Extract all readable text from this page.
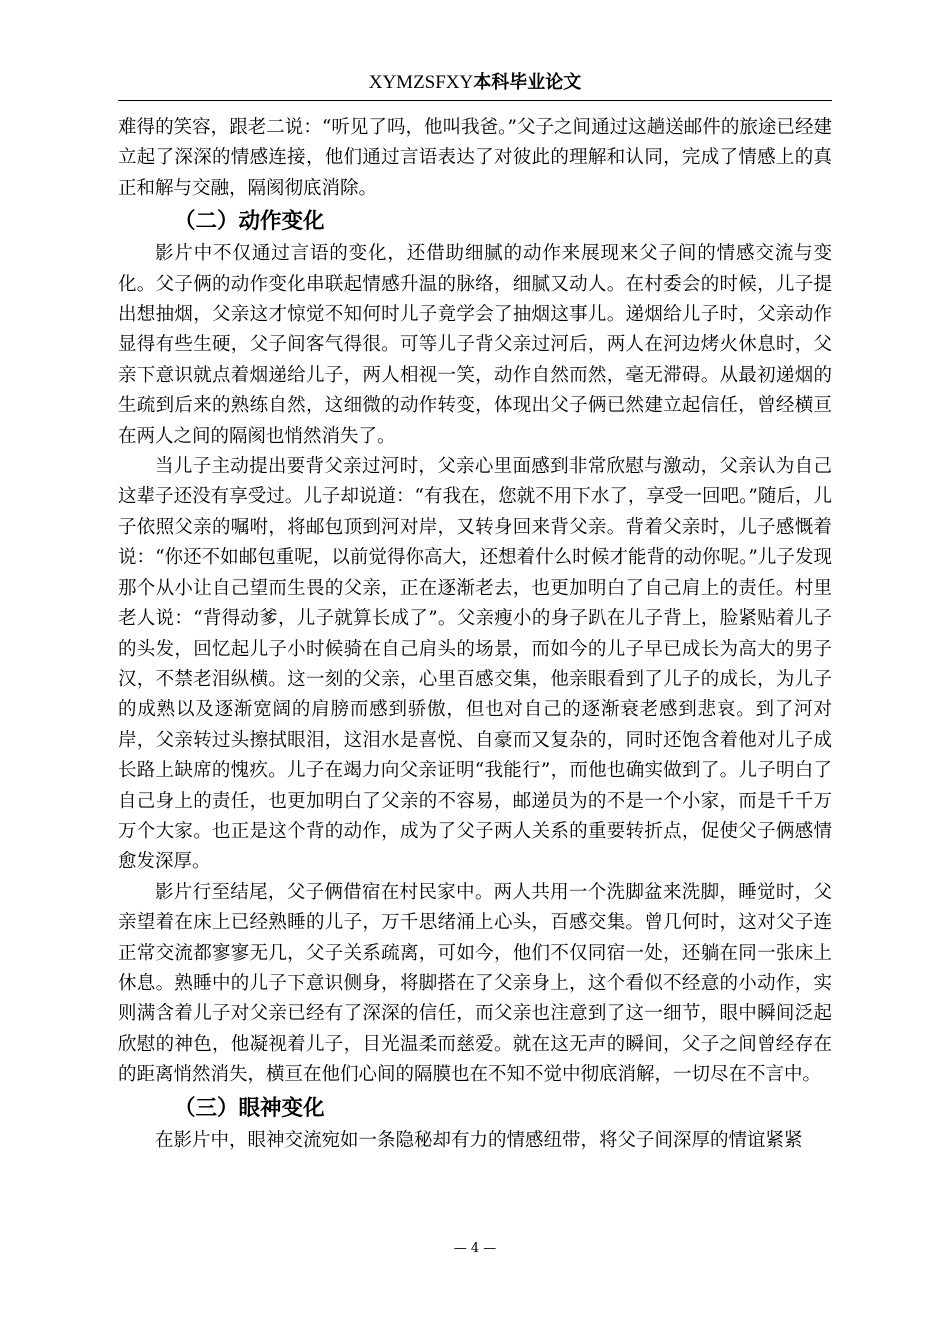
XYMZSFXY本科毕业论文

难得的笑容，跟老二说：“听见了吗，他叫我爸。”父子之间通过这趟送邮件的旅途已经建立起了深深的情感连接，他们通过言语表达了对彼此的理解和认同，完成了情感上的真正和解与交融，隔阂彻底消除。

（二）动作变化

影片中不仅通过言语的变化，还借助细腻的动作来展现来父子间的情感交流与变化。父子俩的动作变化串联起情感升温的脉络，细腻又动人。在村委会的时候，儿子提出想抽烟，父亲这才惊觉不知何时儿子竟学会了抽烟这事儿。递烟给儿子时，父亲动作显得有些生硬，父子间客气得很。可等儿子背父亲过河后，两人在河边烤火休息时，父亲下意识就点着烟递给儿子，两人相视一笑，动作自然而然，毫无滞碍。从最初递烟的生疏到后来的熟练自然，这细微的动作转变，体现出父子俩已然建立起信任，曾经横亘在两人之间的隔阂也悄然消失了。

当儿子主动提出要背父亲过河时，父亲心里面感到非常欣慰与激动，父亲认为自己这辈子还没有享受过。儿子却说道：“有我在，您就不用下水了，享受一回吧。”随后，儿子依照父亲的嘱咐，将邮包顶到河对岸，又转身回来背父亲。背着父亲时，儿子感慨着说：“你还不如邮包重呢，以前觉得你高大，还想着什么时候才能背的动你呢。”儿子发现那个从小让自己望而生畏的父亲，正在逐渐老去，也更加明白了自己肩上的责任。村里老人说：“背得动爹，儿子就算长成了”。父亲瘦小的身子趴在儿子背上，脸紧贴着儿子的头发，回忆起儿子小时候骑在自己肩头的场景，而如今的儿子早已成长为高大的男子汉，不禁老泪纵横。这一刻的父亲，心里百感交集，他亲眼看到了儿子的成长，为儿子的成熟以及逐渐宽阔的肩膀而感到骄傲，但也对自己的逐渐衰老感到悲哀。到了河对岸，父亲转过头擦拭眼泪，这泪水是喜悦、自豪而又复杂的，同时还饱含着他对儿子成长路上缺席的愧疚。儿子在竭力向父亲证明“我能行”，而他也确实做到了。儿子明白了自己身上的责任，也更加明白了父亲的不容易，邮递员为的不是一个小家，而是千千万万个大家。也正是这个背的动作，成为了父子两人关系的重要转折点，促使父子俩感情愈发深厚。

影片行至结尾，父子俩借宿在村民家中。两人共用一个洗脚盆来洗脚，睡觉时，父亲望着在床上已经熟睡的儿子，万千思绪涌上心头，百感交集。曾几何时，这对父子连正常交流都寥寥无几，父子关系疏离，可如今，他们不仅同宿一处，还躺在同一张床上休息。熟睡中的儿子下意识侧身，将脚搭在了父亲身上，这个看似不经意的小动作，实则满含着儿子对父亲已经有了深深的信任，而父亲也注意到了这一细节，眼中瞬间泛起欣慰的神色，他凝视着儿子，目光温柔而慈爱。就在这无声的瞬间，父子之间曾经存在的距离悄然消失，横亘在他们心间的隔膜也在不知不觉中彻底消解，一切尽在不言中。

（三）眼神变化

在影片中，眼神交流宛如一条隐秘却有力的情感纽带，将父子间深厚的情谊紧紧

— 4 —
